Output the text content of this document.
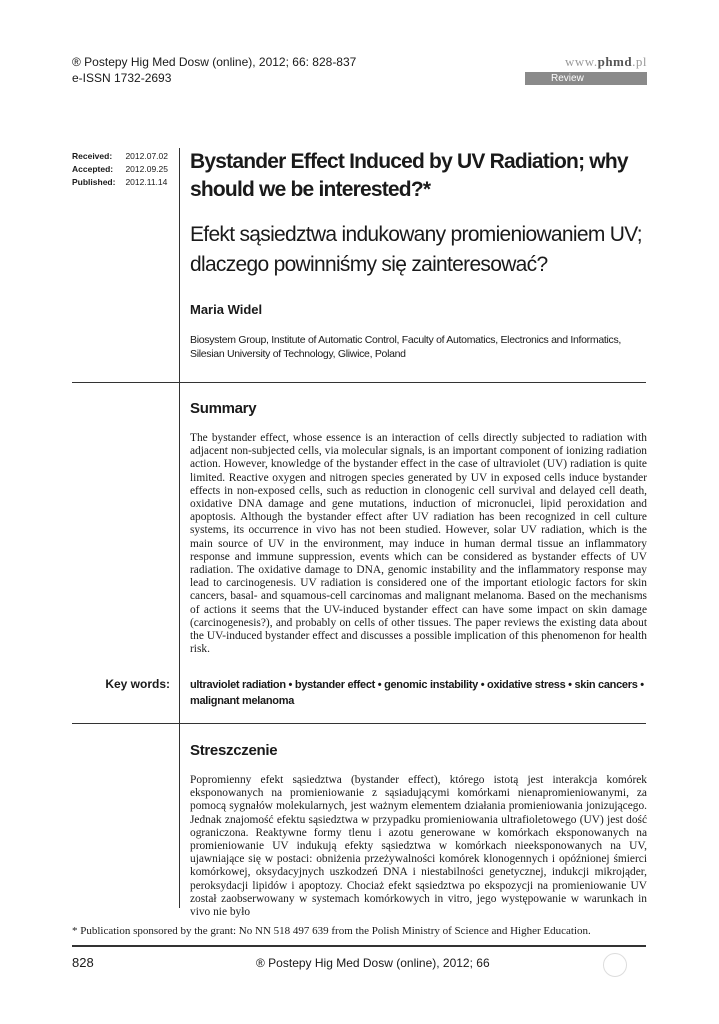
® Postepy Hig Med Dosw (online), 2012; 66: 828-837
e-ISSN 1732-2693
www.phmd.pl
Review
Received:	2012.07.02
Accepted:	2012.09.25
Published:	2012.11.14
Bystander Effect Induced by UV Radiation; why should we be interested?*
Efekt sąsiedztwa indukowany promieniowaniem UV; dlaczego powinniśmy się zainteresować?
Maria Widel
Biosystem Group, Institute of Automatic Control, Faculty of Automatics, Electronics and Informatics, Silesian University of Technology, Gliwice, Poland
Summary
The bystander effect, whose essence is an interaction of cells directly subjected to radiation with adjacent non-subjected cells, via molecular signals, is an important component of ionizing radiation action. However, knowledge of the bystander effect in the case of ultraviolet (UV) radiation is quite limited. Reactive oxygen and nitrogen species generated by UV in exposed cells induce bystander effects in non-exposed cells, such as reduction in clonogenic cell survival and delayed cell death, oxidative DNA damage and gene mutations, induction of micronuclei, lipid peroxidation and apoptosis. Although the bystander effect after UV radiation has been recognized in cell culture systems, its occurrence in vivo has not been studied. However, solar UV radiation, which is the main source of UV in the environment, may induce in human dermal tissue an inflammatory response and immune suppression, events which can be considered as bystander effects of UV radiation. The oxidative damage to DNA, genomic instability and the inflammatory response may lead to carcinogenesis. UV radiation is considered one of the important etiologic factors for skin cancers, basal- and squamous-cell carcinomas and malignant melanoma. Based on the mechanisms of actions it seems that the UV-induced bystander effect can have some impact on skin damage (carcinogenesis?), and probably on cells of other tissues. The paper reviews the existing data about the UV-induced bystander effect and discusses a possible implication of this phenomenon for health risk.
Key words: ultraviolet radiation • bystander effect • genomic instability • oxidative stress • skin cancers • malignant melanoma
Streszczenie
Popromienny efekt sąsiedztwa (bystander effect), którego istotą jest interakcja komórek eksponowanych na promieniowanie z sąsiadującymi komórkami nienapromieniowanymi, za pomocą sygnałów molekularnych, jest ważnym elementem działania promieniowania jonizującego. Jednak znajomość efektu sąsiedztwa w przypadku promieniowania ultrafioletowego (UV) jest dość ograniczona. Reaktywne formy tlenu i azotu generowane w komórkach eksponowanych na promieniowanie UV indukują efekty sąsiedztwa w komórkach nieeksponowanych na UV, ujawniające się w postaci: obniżenia przeżywalności komórek klonogennych i opóźnionej śmierci komórkowej, oksydacyjnych uszkodzeń DNA i niestabilności genetycznej, indukcji mikrojąder, peroksydacji lipidów i apoptozy. Chociaż efekt sąsiedztwa po ekspozycji na promieniowanie UV został zaobserwowany w systemach komórkowych in vitro, jego występowanie w warunkach in vivo nie było
* Publication sponsored by the grant: No NN 518 497 639 from the Polish Ministry of Science and Higher Education.
828	® Postepy Hig Med Dosw (online), 2012; 66
